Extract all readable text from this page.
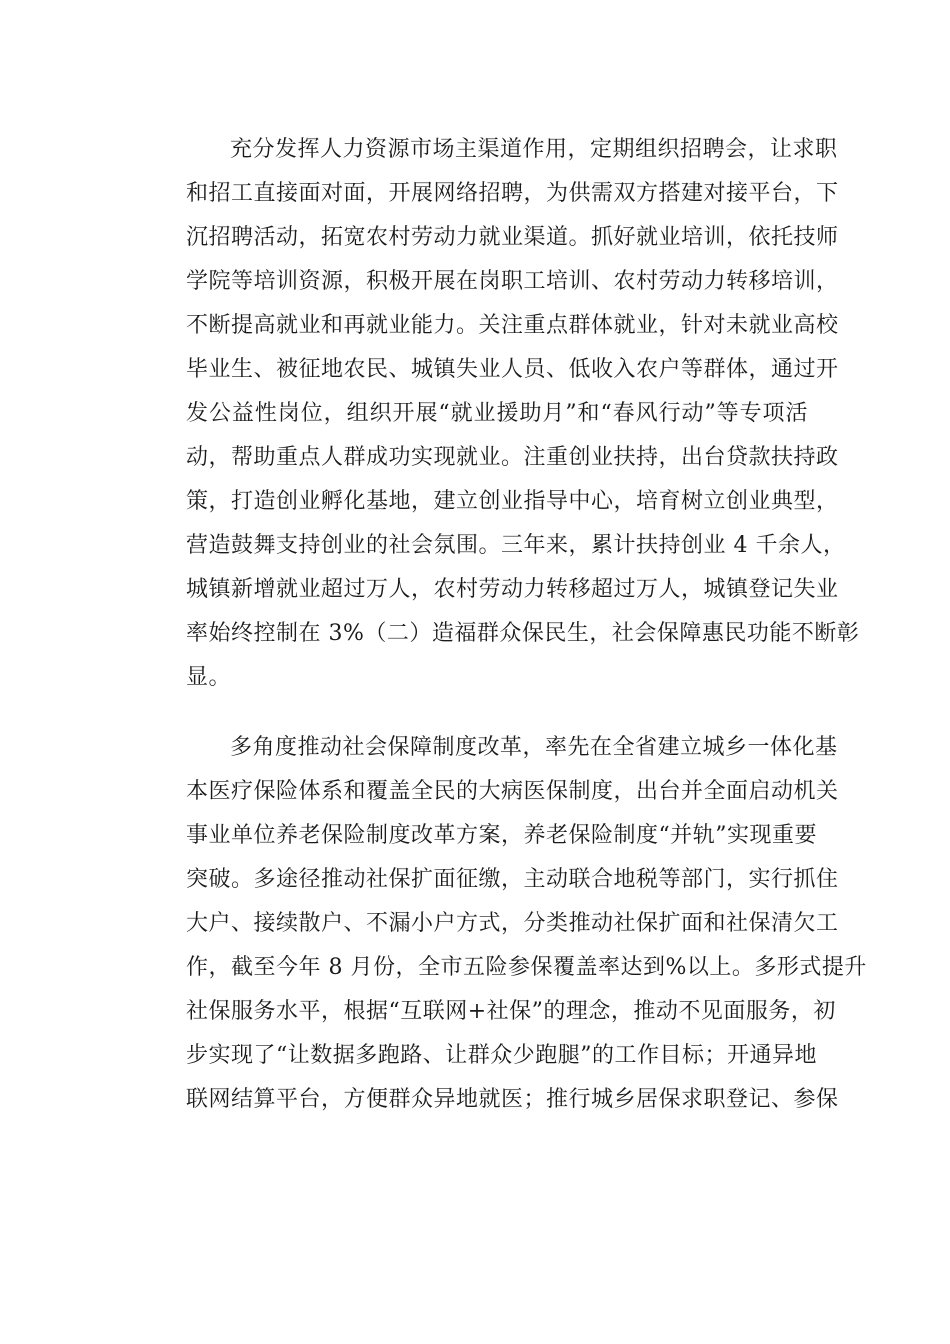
充分发挥人力资源市场主渠道作用，定期组织招聘会，让求职
和招工直接面对面，开展网络招聘，为供需双方搭建对接平台，下
沉招聘活动，拓宽农村劳动力就业渠道。抓好就业培训，依托技师
学院等培训资源，积极开展在岗职工培训、农村劳动力转移培训，
不断提高就业和再就业能力。关注重点群体就业，针对未就业高校
毕业生、被征地农民、城镇失业人员、低收入农户等群体，通过开
发公益性岗位，组织开展“就业援助月”和“春风行动”等专项活
动，帮助重点人群成功实现就业。注重创业扶持，出台贷款扶持政
策，打造创业孵化基地，建立创业指导中心，培育树立创业典型，
营造鼓舞支持创业的社会氛围。三年来，累计扶持创业 4 千余人，
城镇新增就业超过万人，农村劳动力转移超过万人，城镇登记失业
率始终控制在 3%（二）造福群众保民生，社会保障惠民功能不断彰
显。
多角度推动社会保障制度改革，率先在全省建立城乡一体化基
本医疗保险体系和覆盖全民的大病医保制度，出台并全面启动机关
事业单位养老保险制度改革方案，养老保险制度“并轨”实现重要
突破。多途径推动社保扩面征缴，主动联合地税等部门，实行抓住
大户、接续散户、不漏小户方式，分类推动社保扩面和社保清欠工
作，截至今年 8 月份，全市五险参保覆盖率达到%以上。多形式提升
社保服务水平，根据“互联网+社保”的理念，推动不见面服务，初
步实现了“让数据多跑路、让群众少跑腿”的工作目标；开通异地
联网结算平台，方便群众异地就医；推行城乡居保求职登记、参保
